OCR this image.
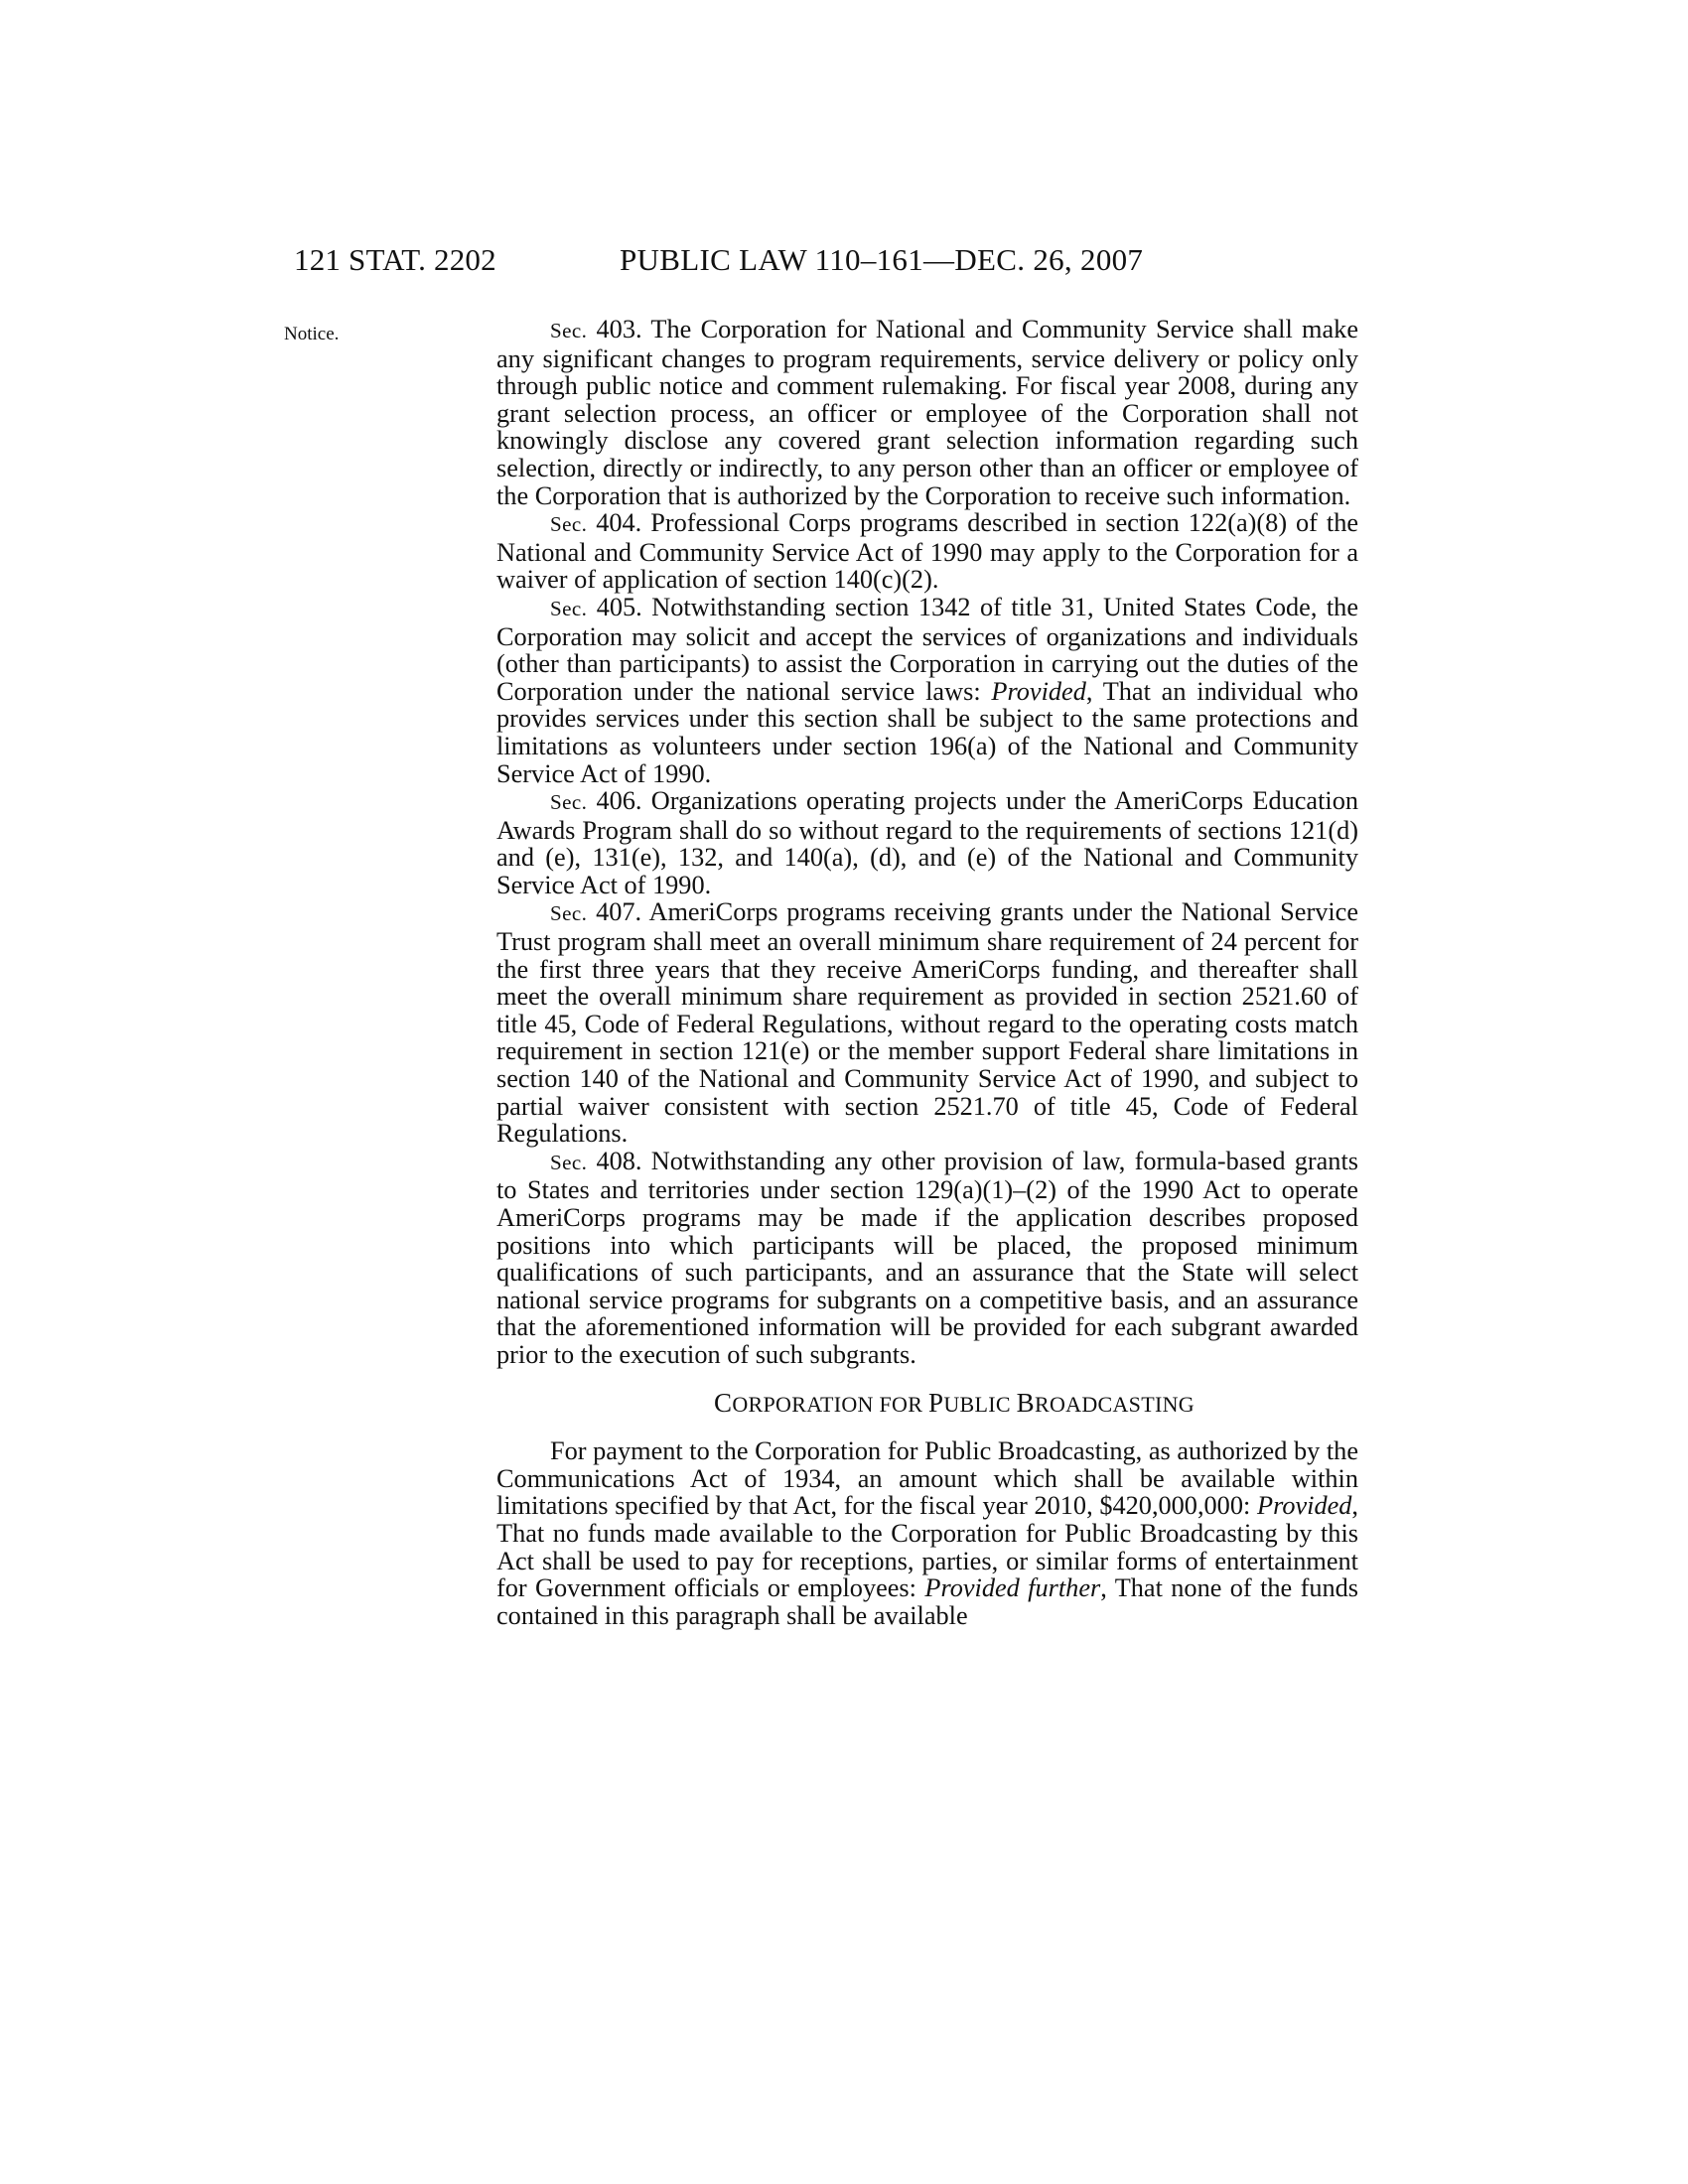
121 STAT. 2202	PUBLIC LAW 110–161—DEC. 26, 2007
Notice.	Sec. 403. The Corporation for National and Community Service shall make any significant changes to program requirements, service delivery or policy only through public notice and comment rulemaking. For fiscal year 2008, during any grant selection process, an officer or employee of the Corporation shall not knowingly disclose any covered grant selection information regarding such selection, directly or indirectly, to any person other than an officer or employee of the Corporation that is authorized by the Corporation to receive such information.

Sec. 404. Professional Corps programs described in section 122(a)(8) of the National and Community Service Act of 1990 may apply to the Corporation for a waiver of application of section 140(c)(2).

Sec. 405. Notwithstanding section 1342 of title 31, United States Code, the Corporation may solicit and accept the services of organizations and individuals (other than participants) to assist the Corporation in carrying out the duties of the Corporation under the national service laws: Provided, That an individual who provides services under this section shall be subject to the same protections and limitations as volunteers under section 196(a) of the National and Community Service Act of 1990.

Sec. 406. Organizations operating projects under the AmeriCorps Education Awards Program shall do so without regard to the requirements of sections 121(d) and (e), 131(e), 132, and 140(a), (d), and (e) of the National and Community Service Act of 1990.

Sec. 407. AmeriCorps programs receiving grants under the National Service Trust program shall meet an overall minimum share requirement of 24 percent for the first three years that they receive AmeriCorps funding, and thereafter shall meet the overall minimum share requirement as provided in section 2521.60 of title 45, Code of Federal Regulations, without regard to the operating costs match requirement in section 121(e) or the member support Federal share limitations in section 140 of the National and Community Service Act of 1990, and subject to partial waiver consistent with section 2521.70 of title 45, Code of Federal Regulations.

Sec. 408. Notwithstanding any other provision of law, formula-based grants to States and territories under section 129(a)(1)–(2) of the 1990 Act to operate AmeriCorps programs may be made if the application describes proposed positions into which participants will be placed, the proposed minimum qualifications of such participants, and an assurance that the State will select national service programs for subgrants on a competitive basis, and an assurance that the aforementioned information will be provided for each subgrant awarded prior to the execution of such subgrants.

CORPORATION FOR PUBLIC BROADCASTING

For payment to the Corporation for Public Broadcasting, as authorized by the Communications Act of 1934, an amount which shall be available within limitations specified by that Act, for the fiscal year 2010, $420,000,000: Provided, That no funds made available to the Corporation for Public Broadcasting by this Act shall be used to pay for receptions, parties, or similar forms of entertainment for Government officials or employees: Provided further, That none of the funds contained in this paragraph shall be available
